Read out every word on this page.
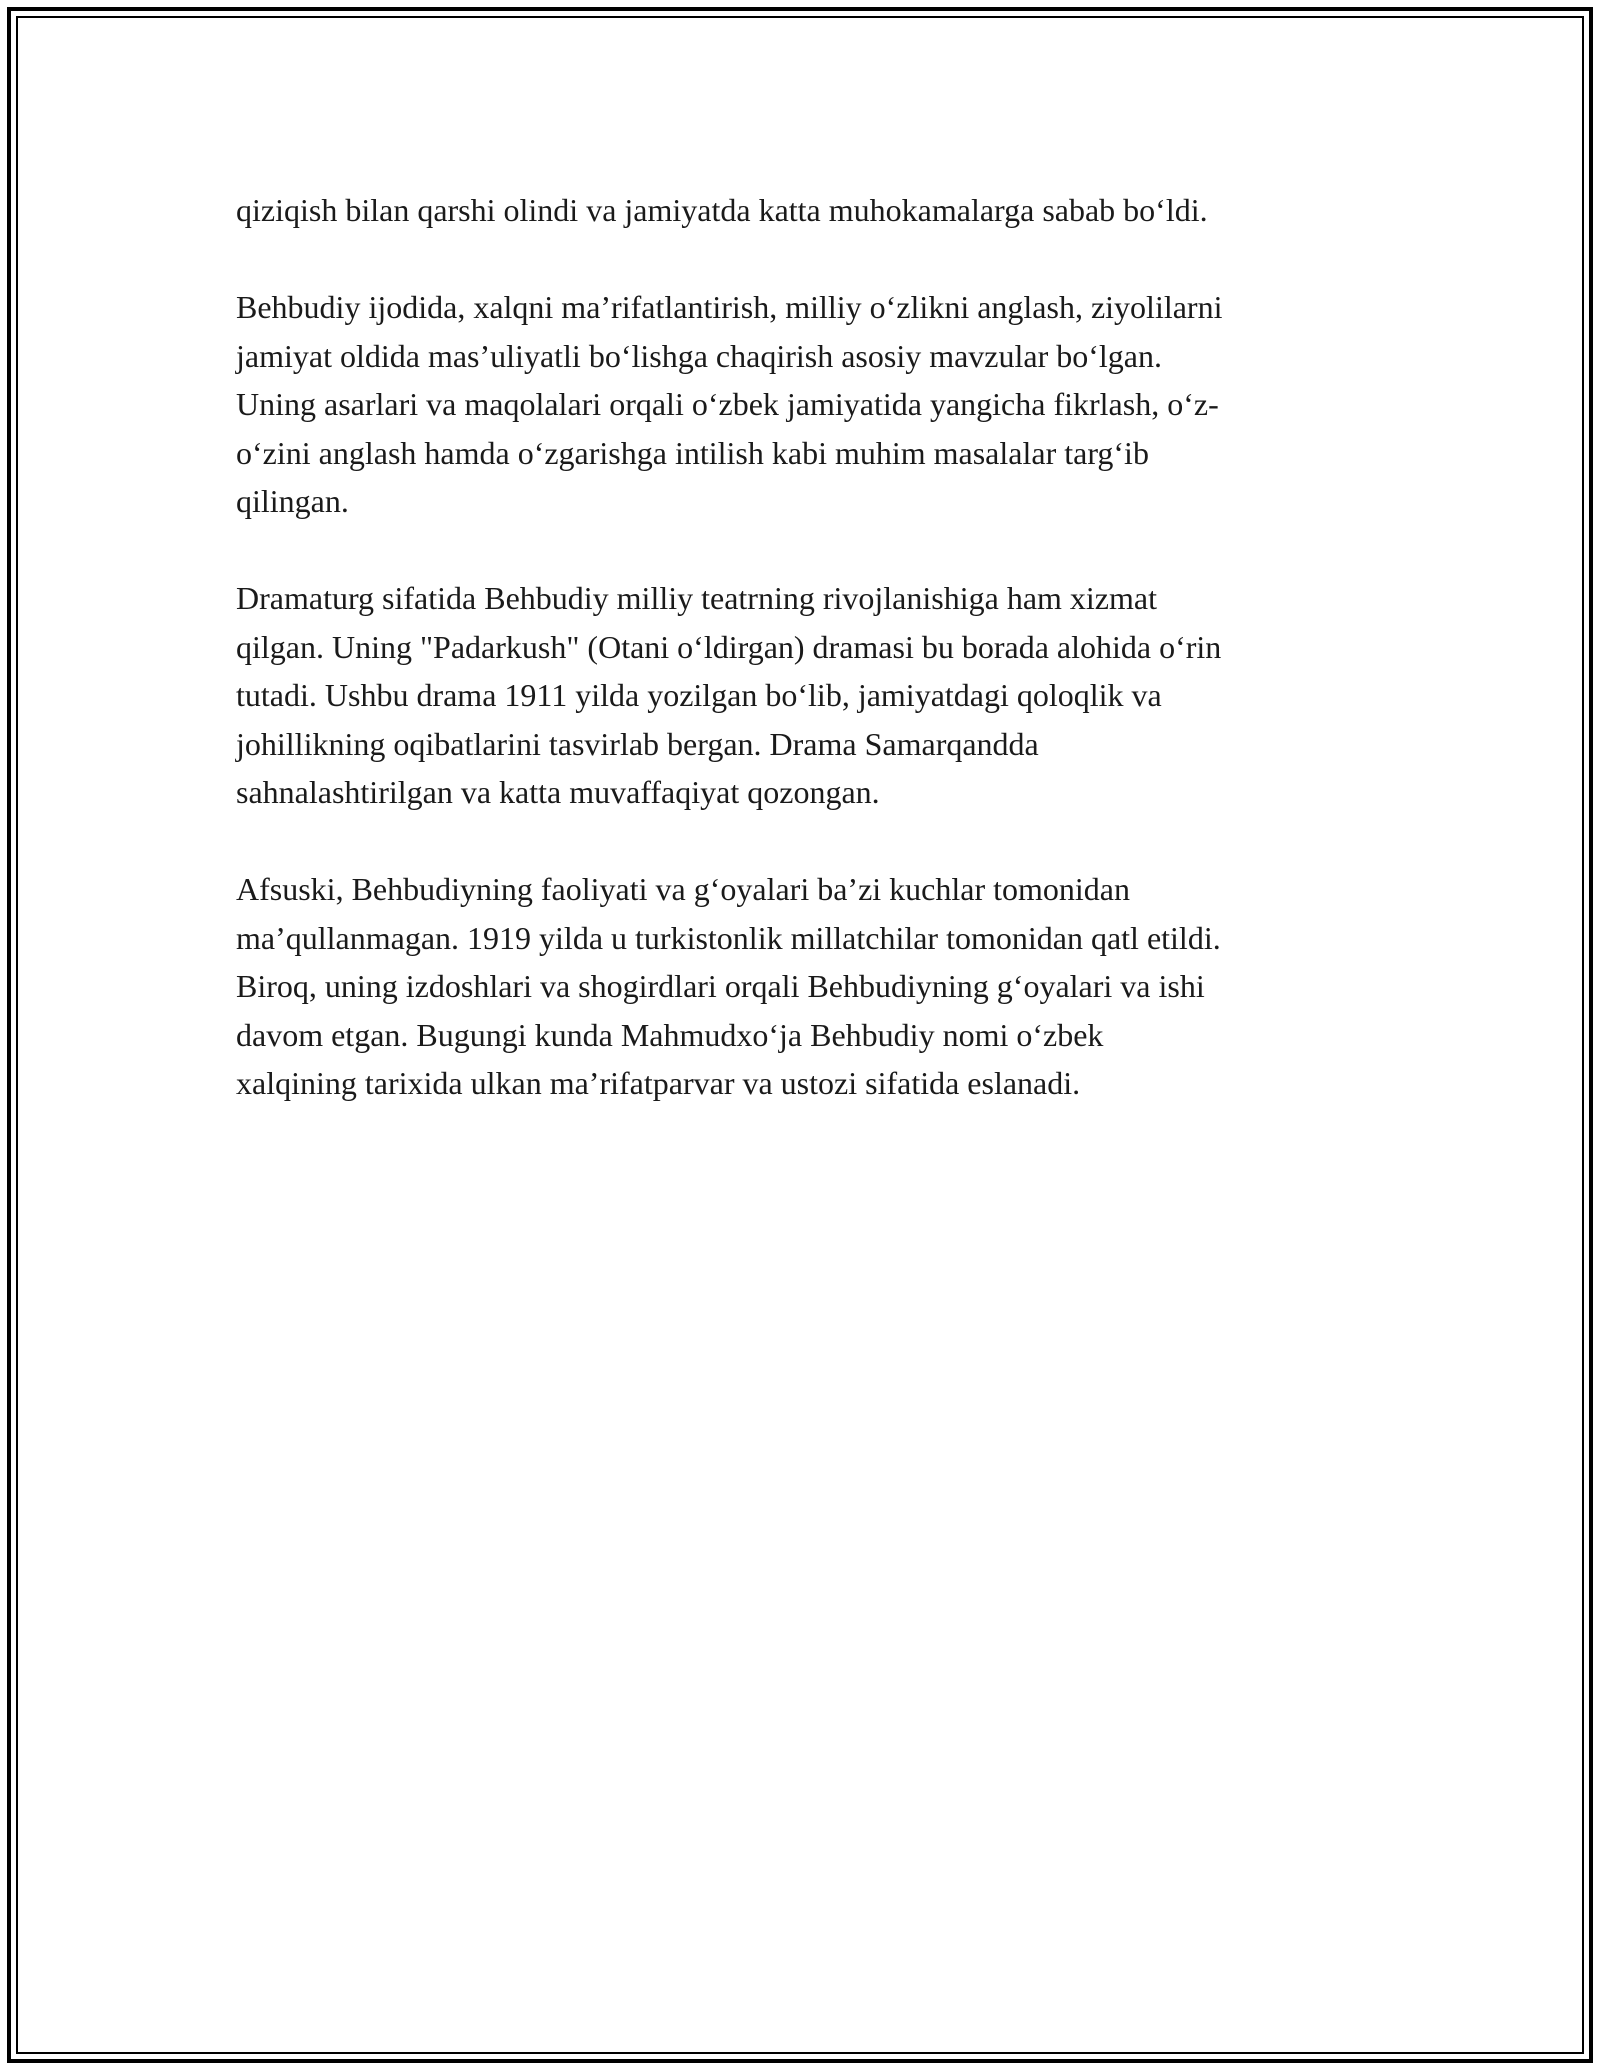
qiziqish bilan qarshi olindi va jamiyatda katta muhokamalarga sabab bo‘ldi.

Behbudiy ijodida, xalqni ma’rifatlantirish, milliy o‘zlikni anglash, ziyolilarni
jamiyat oldida mas’uliyatli bo‘lishga chaqirish asosiy mavzular bo‘lgan.
Uning asarlari va maqolalari orqali o‘zbek jamiyatida yangicha fikrlash, o‘z-
o‘zini anglash hamda o‘zgarishga intilish kabi muhim masalalar targ‘ib
qilingan.

Dramaturg sifatida Behbudiy milliy teatrning rivojlanishiga ham xizmat
qilgan. Uning "Padarkush" (Otani o‘ldirgan) dramasi bu borada alohida o‘rin
tutadi. Ushbu drama 1911 yilda yozilgan bo‘lib, jamiyatdagi qoloqlik va
johillikning oqibatlarini tasvirlab bergan. Drama Samarqandda
sahnalashtirilgan va katta muvaffaqiyat qozongan.

Afsuski, Behbudiyning faoliyati va g‘oyalari ba’zi kuchlar tomonidan
ma’qullanmagan. 1919 yilda u turkistonlik millatchilar tomonidan qatl etildi.
Biroq, uning izdoshlari va shogirdlari orqali Behbudiyning g‘oyalari va ishi
davom etgan. Bugungi kunda Mahmudxo‘ja Behbudiy nomi o‘zbek
xalqining tarixida ulkan ma’rifatparvar va ustozi sifatida eslanadi.
